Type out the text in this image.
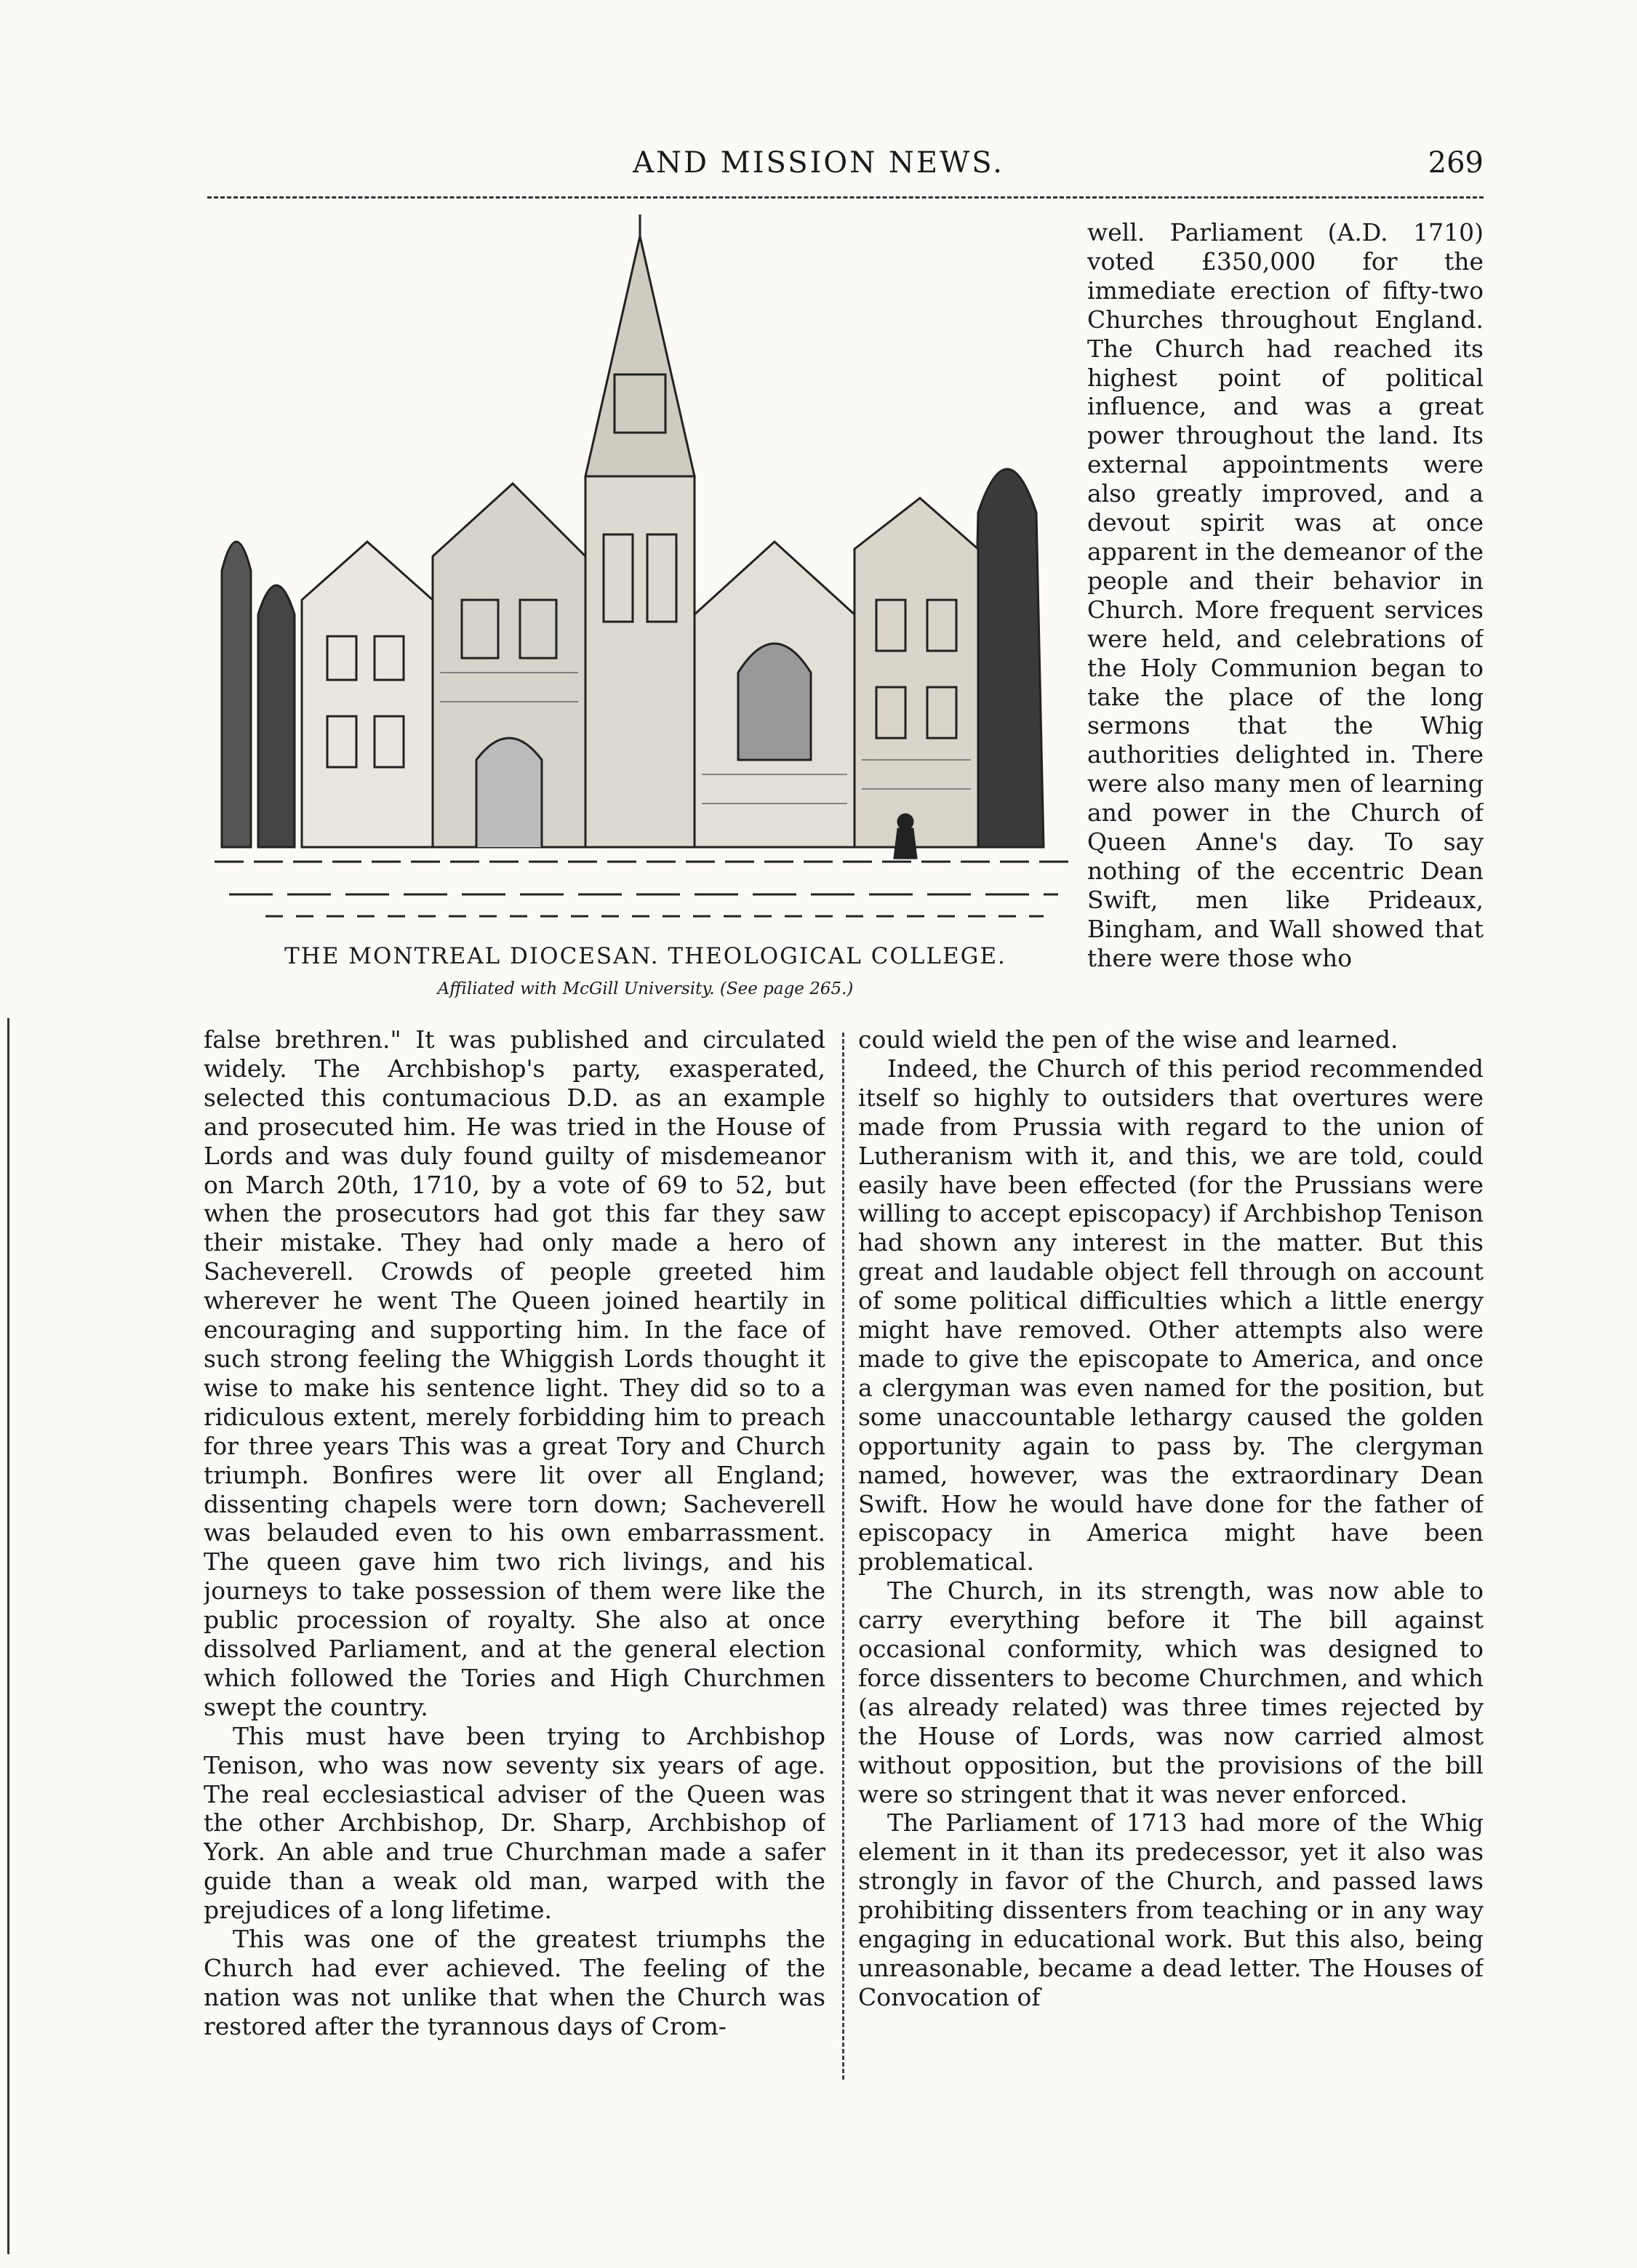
AND MISSION NEWS.	269
THE MONTREAL DIOCESAN. THEOLOGICAL COLLEGE.
Affiliated with McGill University. (See page 265.)

well. Parliament (A.D. 1710) voted £350,000 for the immediate erection of fifty-two Churches throughout England. The Church had reached its highest point of political influence, and was a great power throughout the land. Its external appointments were also greatly improved, and a devout spirit was at once apparent in the demeanor of the people and their behavior in Church. More frequent services were held, and celebrations of the Holy Communion began to take the place of the long sermons that the Whig authorities delighted in. There were also many men of learning and power in the Church of Queen Anne's day. To say nothing of the eccentric Dean Swift, men like Prideaux, Bingham, and Wall showed that there were those who

false brethren." It was published and circulated widely. The Archbishop's party, exasperated, selected this contumacious D.D. as an example and prosecuted him. He was tried in the House of Lords and was duly found guilty of misdemeanor on March 20th, 1710, by a vote of 69 to 52, but when the prosecutors had got this far they saw their mistake. They had only made a hero of Sacheverell. Crowds of people greeted him wherever he went The Queen joined heartily in encouraging and supporting him. In the face of such strong feeling the Whiggish Lords thought it wise to make his sentence light. They did so to a ridiculous extent, merely forbidding him to preach for three years This was a great Tory and Church triumph. Bonfires were lit over all England; dissenting chapels were torn down; Sacheverell was belauded even to his own embarrassment. The queen gave him two rich livings, and his journeys to take possession of them were like the public procession of royalty. She also at once dissolved Parliament, and at the general election which followed the Tories and High Churchmen swept the country.

This must have been trying to Archbishop Tenison, who was now seventy six years of age. The real ecclesiastical adviser of the Queen was the other Archbishop, Dr. Sharp, Archbishop of York. An able and true Churchman made a safer guide than a weak old man, warped with the prejudices of a long lifetime.

This was one of the greatest triumphs the Church had ever achieved. The feeling of the nation was not unlike that when the Church was restored after the tyrannous days of Crom-

could wield the pen of the wise and learned.

Indeed, the Church of this period recommended itself so highly to outsiders that overtures were made from Prussia with regard to the union of Lutheranism with it, and this, we are told, could easily have been effected (for the Prussians were willing to accept episcopacy) if Archbishop Tenison had shown any interest in the matter. But this great and laudable object fell through on account of some political difficulties which a little energy might have removed. Other attempts also were made to give the episcopate to America, and once a clergyman was even named for the position, but some unaccountable lethargy caused the golden opportunity again to pass by. The clergyman named, however, was the extraordinary Dean Swift. How he would have done for the father of episcopacy in America might have been problematical.

The Church, in its strength, was now able to carry everything before it The bill against occasional conformity, which was designed to force dissenters to become Churchmen, and which (as already related) was three times rejected by the House of Lords, was now carried almost without opposition, but the provisions of the bill were so stringent that it was never enforced.

The Parliament of 1713 had more of the Whig element in it than its predecessor, yet it also was strongly in favor of the Church, and passed laws prohibiting dissenters from teaching or in any way engaging in educational work. But this also, being unreasonable, became a dead letter. The Houses of Convocation of
